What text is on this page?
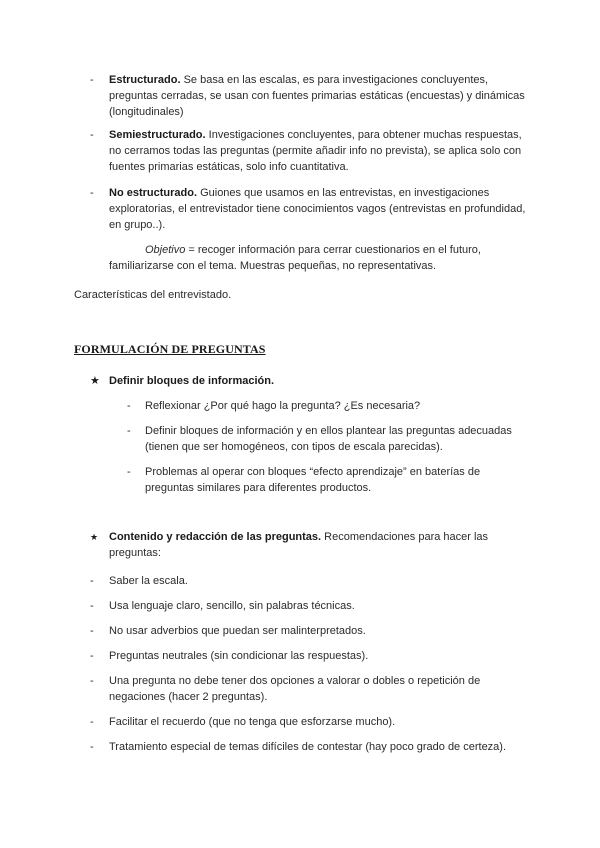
- Estructurado. Se basa en las escalas, es para investigaciones concluyentes, preguntas cerradas, se usan con fuentes primarias estáticas (encuestas) y dinámicas (longitudinales)
- Semiestructurado. Investigaciones concluyentes, para obtener muchas respuestas, no cerramos todas las preguntas (permite añadir info no prevista), se aplica solo con fuentes primarias estáticas, solo info cuantitativa.
- No estructurado. Guiones que usamos en las entrevistas, en investigaciones exploratorias, el entrevistador tiene conocimientos vagos (entrevistas en profundidad, en grupo..).
Objetivo = recoger información para cerrar cuestionarios en el futuro, familiarizarse con el tema. Muestras pequeñas, no representativas.
Características del entrevistado.
FORMULACIÓN DE PREGUNTAS
★ Definir bloques de información.
- Reflexionar ¿Por qué hago la pregunta? ¿Es necesaria?
- Definir bloques de información y en ellos plantear las preguntas adecuadas (tienen que ser homogéneos, con tipos de escala parecidas).
- Problemas al operar con bloques “efecto aprendizaje” en baterías de preguntas similares para diferentes productos.
★ Contenido y redacción de las preguntas. Recomendaciones para hacer las preguntas:
- Saber la escala.
- Usa lenguaje claro, sencillo, sin palabras técnicas.
- No usar adverbios que puedan ser malinterpretados.
- Preguntas neutrales (sin condicionar las respuestas).
- Una pregunta no debe tener dos opciones a valorar o dobles o repetición de negaciones (hacer 2 preguntas).
- Facilitar el recuerdo (que no tenga que esforzarse mucho).
- Tratamiento especial de temas difíciles de contestar (hay poco grado de certeza).
